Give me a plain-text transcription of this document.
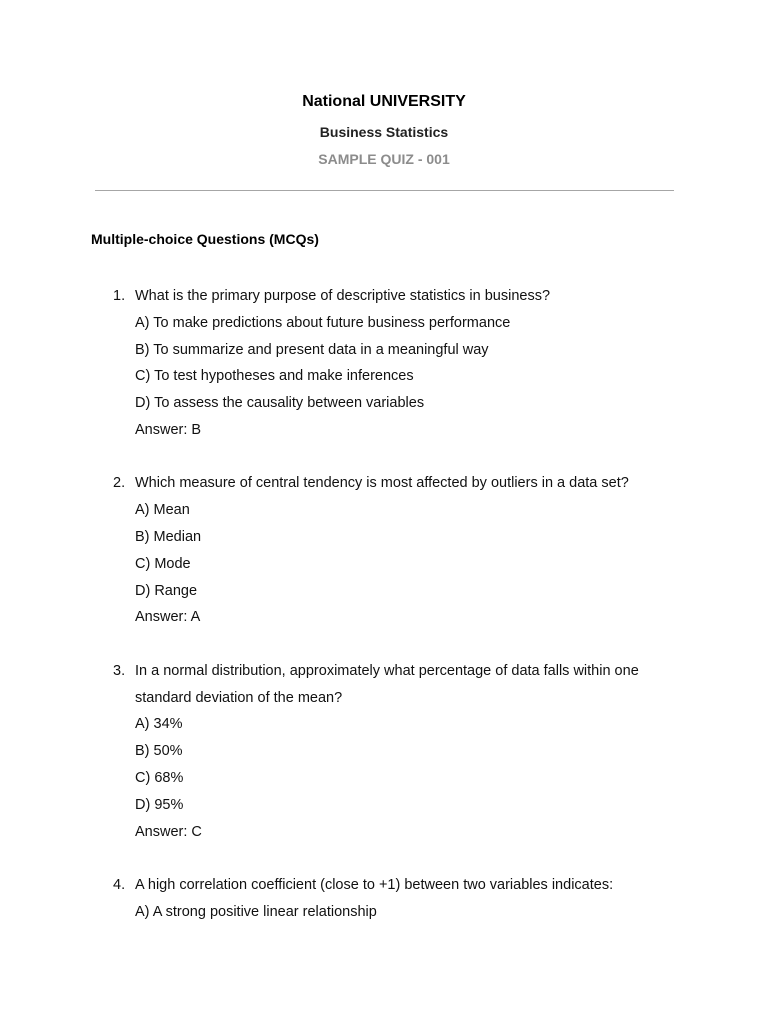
National UNIVERSITY
Business Statistics
SAMPLE QUIZ - 001
Multiple-choice Questions (MCQs)
1. What is the primary purpose of descriptive statistics in business?
A) To make predictions about future business performance
B) To summarize and present data in a meaningful way
C) To test hypotheses and make inferences
D) To assess the causality between variables
Answer: B
2. Which measure of central tendency is most affected by outliers in a data set?
A) Mean
B) Median
C) Mode
D) Range
Answer: A
3. In a normal distribution, approximately what percentage of data falls within one standard deviation of the mean?
A) 34%
B) 50%
C) 68%
D) 95%
Answer: C
4. A high correlation coefficient (close to +1) between two variables indicates:
A) A strong positive linear relationship
